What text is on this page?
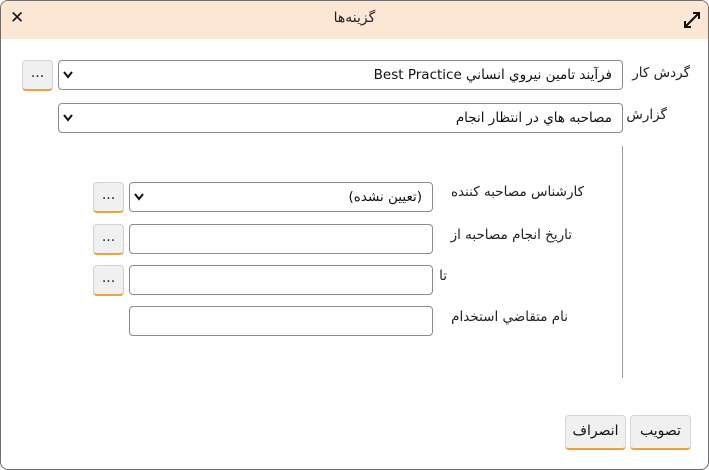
✕	گزینه‌ها
گردش کار
فرآیند تامین نیروي انساني Best Practice
...
گزارش
مصاحبه هاي در انتظار انجام
کارشناس مصاحبه کننده
(تعیین نشده)
...
تاریخ انجام مصاحبه از
...
تا
...
نام متقاضي استخدام
تصویب
انصراف
